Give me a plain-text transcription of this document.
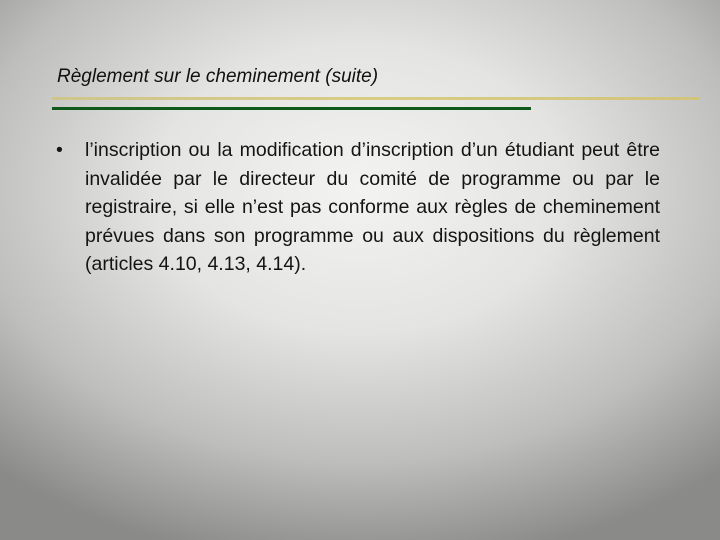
Règlement sur le cheminement (suite)
•	l’inscription ou la modification d’inscription d’un étudiant peut être invalidée par le directeur du comité de programme ou par le registraire, si elle n’est pas conforme aux règles de cheminement prévues dans son programme ou aux dispositions du règlement (articles 4.10, 4.13, 4.14).
